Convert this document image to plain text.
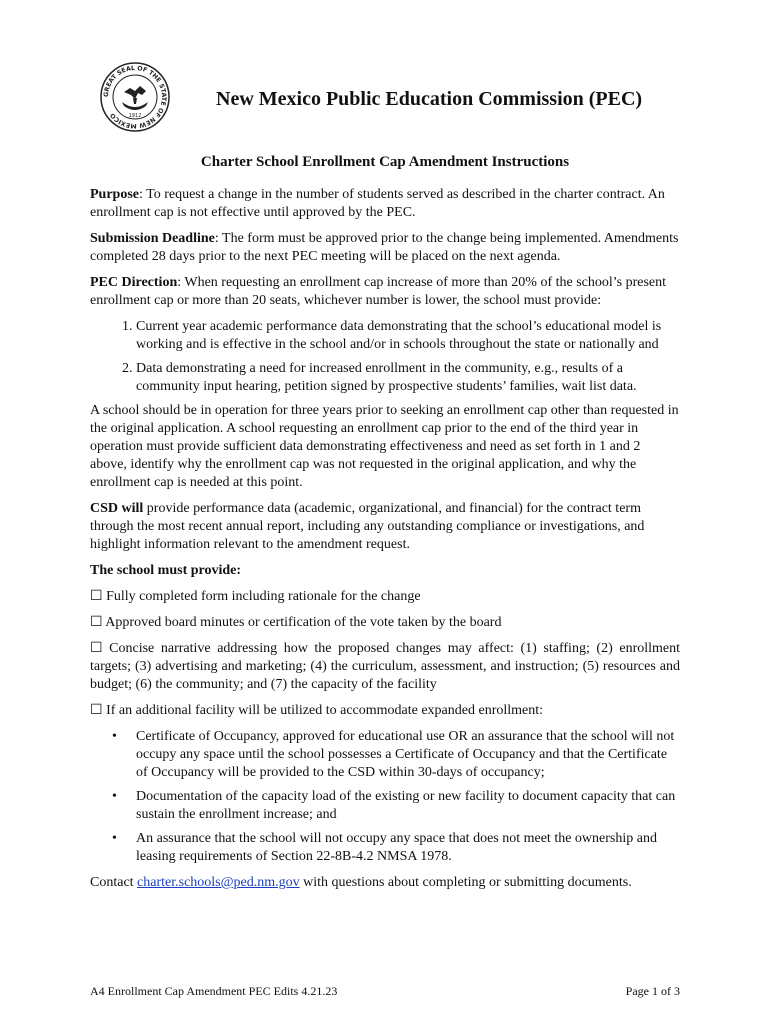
GREAT SEAL OF THE STATE OF NEW MEXICO	1912
New Mexico Public Education Commission (PEC)
Charter School Enrollment Cap Amendment Instructions

Purpose: To request a change in the number of students served as described in the charter contract. An enrollment cap is not effective until approved by the PEC.

Submission Deadline: The form must be approved prior to the change being implemented. Amendments completed 28 days prior to the next PEC meeting will be placed on the next agenda.

PEC Direction: When requesting an enrollment cap increase of more than 20% of the school’s present enrollment cap or more than 20 seats, whichever number is lower, the school must provide:

1. Current year academic performance data demonstrating that the school’s educational model is working and is effective in the school and/or in schools throughout the state or nationally and
2. Data demonstrating a need for increased enrollment in the community, e.g., results of a community input hearing, petition signed by prospective students’ families, wait list data.

A school should be in operation for three years prior to seeking an enrollment cap other than requested in the original application. A school requesting an enrollment cap prior to the end of the third year in operation must provide sufficient data demonstrating effectiveness and need as set forth in 1 and 2 above, identify why the enrollment cap was not requested in the original application, and why the enrollment cap is needed at this point.

CSD will provide performance data (academic, organizational, and financial) for the contract term through the most recent annual report, including any outstanding compliance or investigations, and highlight information relevant to the amendment request.

The school must provide:
☐ Fully completed form including rationale for the change
☐ Approved board minutes or certification of the vote taken by the board
☐ Concise narrative addressing how the proposed changes may affect: (1) staffing; (2) enrollment targets; (3) advertising and marketing; (4) the curriculum, assessment, and instruction; (5) resources and budget; (6) the community; and (7) the capacity of the facility
☐ If an additional facility will be utilized to accommodate expanded enrollment:
• Certificate of Occupancy, approved for educational use OR an assurance that the school will not occupy any space until the school possesses a Certificate of Occupancy and that the Certificate of Occupancy will be provided to the CSD within 30-days of occupancy;
• Documentation of the capacity load of the existing or new facility to document capacity that can sustain the enrollment increase; and
• An assurance that the school will not occupy any space that does not meet the ownership and leasing requirements of Section 22-8B-4.2 NMSA 1978.

Contact charter.schools@ped.nm.gov with questions about completing or submitting documents.

A4 Enrollment Cap Amendment PEC Edits 4.21.23	Page 1 of 3
